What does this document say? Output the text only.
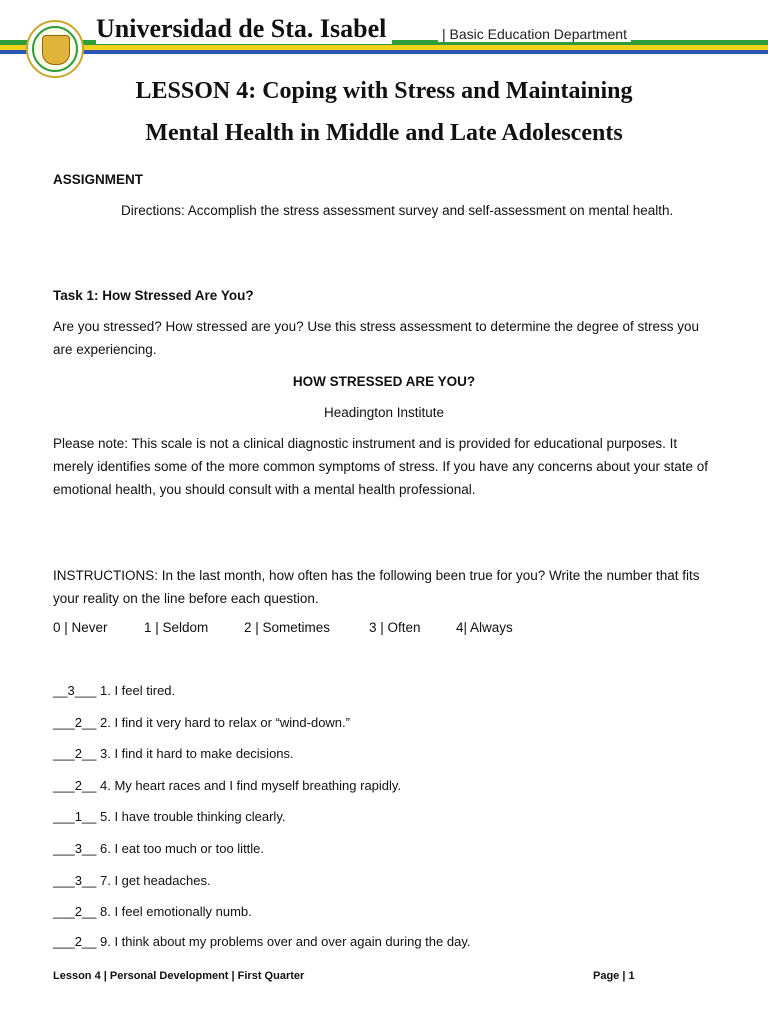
Universidad de Sta. Isabel	| Basic Education Department
LESSON 4: Coping with Stress and Maintaining
Mental Health in Middle and Late Adolescents
ASSIGNMENT
Directions: Accomplish the stress assessment survey and self-assessment on mental health.
Task 1: How Stressed Are You?
Are you stressed? How stressed are you? Use this stress assessment to determine the degree of stress you are experiencing.
HOW STRESSED ARE YOU?
Headington Institute
Please note: This scale is not a clinical diagnostic instrument and is provided for educational purposes. It merely identifies some of the more common symptoms of stress. If you have any concerns about your state of emotional health, you should consult with a mental health professional.
INSTRUCTIONS: In the last month, how often has the following been true for you? Write the number that fits your reality on the line before each question.
0 | Never	1 | Seldom	2 | Sometimes	3 | Often	4| Always
__3___ 1. I feel tired.
___2__ 2. I find it very hard to relax or “wind-down.”
___2__ 3. I find it hard to make decisions.
___2__ 4. My heart races and I find myself breathing rapidly.
___1__ 5. I have trouble thinking clearly.
___3__ 6. I eat too much or too little.
___3__ 7. I get headaches.
___2__ 8. I feel emotionally numb.
___2__ 9. I think about my problems over and over again during the day.
Lesson 4 | Personal Development | First Quarter	Page | 1
